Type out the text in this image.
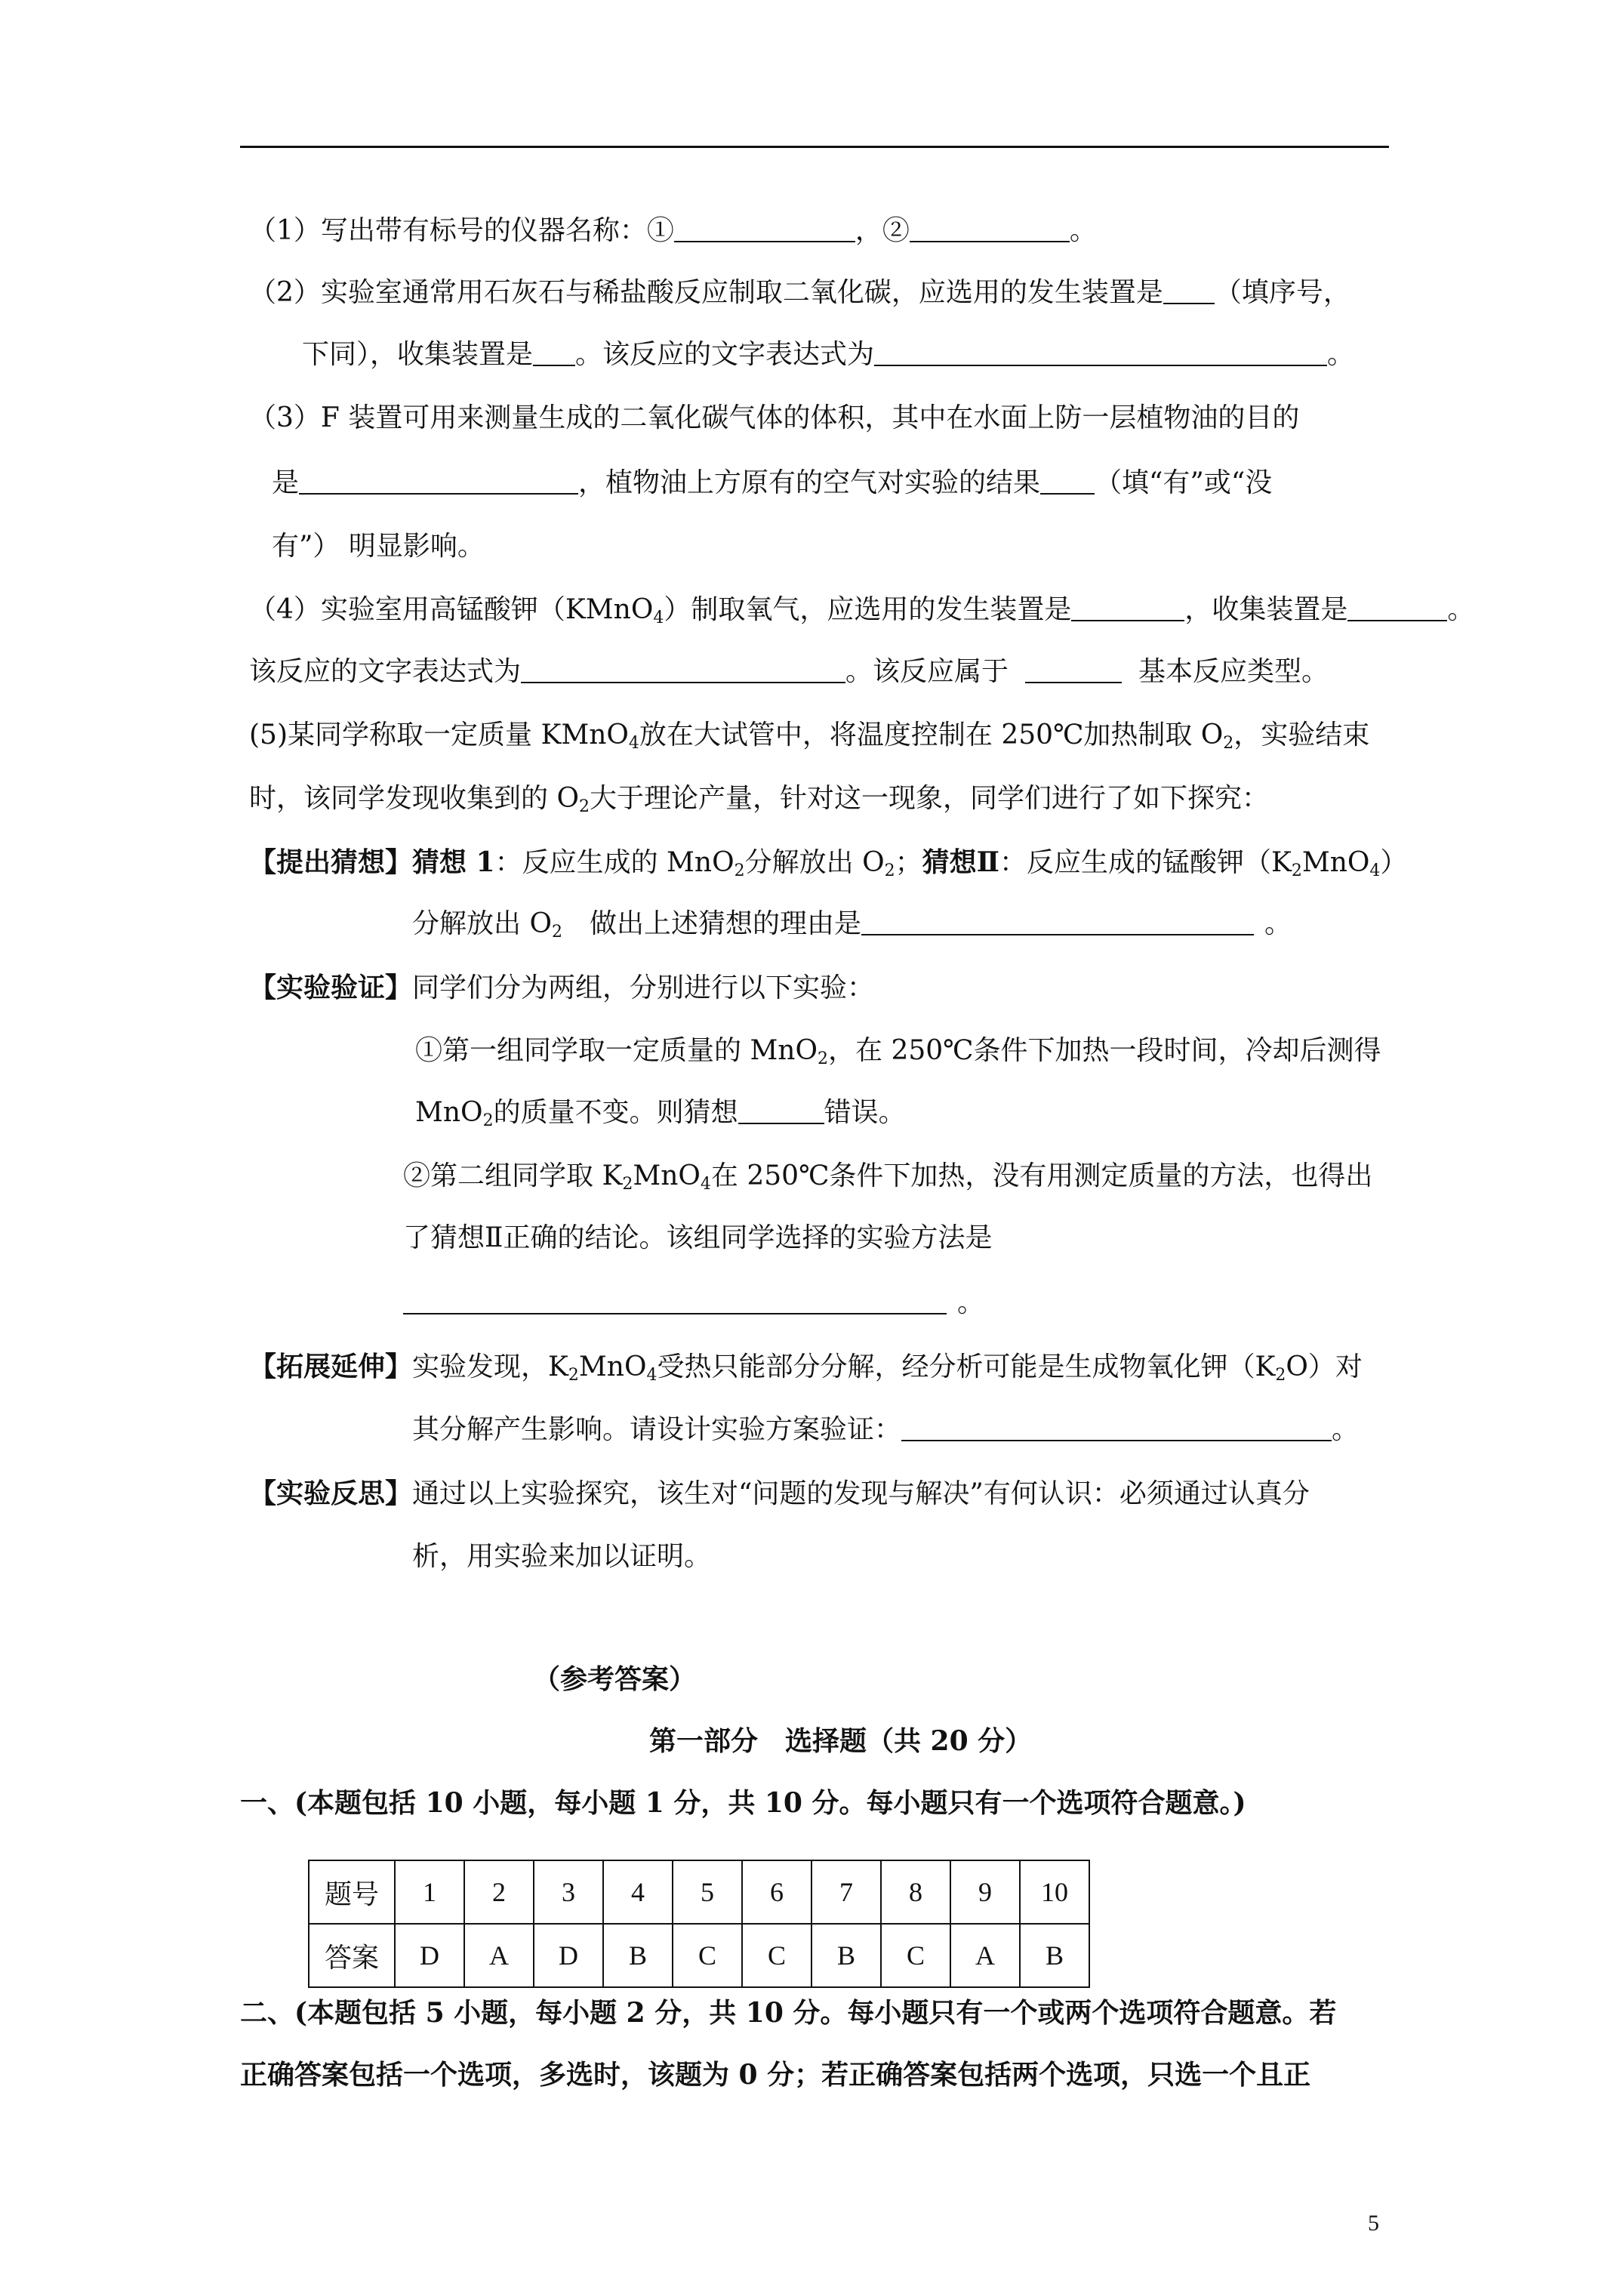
（1）写出带有标号的仪器名称：①	，②	。
（2）实验室通常用石灰石与稀盐酸反应制取二氧化碳，应选用的发生装置是 （填序号，
下同），收集装置是 。该反应的文字表达式为	。
（3）F 装置可用来测量生成的二氧化碳气体的体积，其中在水面上防一层植物油的目的
是	，植物油上方原有的空气对实验的结果 （填“有”或“没
有”） 明显影响。
（4）实验室用高锰酸钾（KMnO$_4$）制取氧气，应选用的发生装置是	，收集装置是	。
该反应的文字表达式为	。该反应属于	基本反应类型。
(5)某同学称取一定质量 KMnO$_4$放在大试管中，将温度控制在 250℃加热制取 $O_2$，实验结束
时，该同学发现收集到的 $O_2$大于理论产量，针对这一现象，同学们进行了如下探究：
【提出猜想】猜想 1：反应生成的 MnO$_2$分解放出 $O_2$；猜想Ⅱ：反应生成的锰酸钾$(K_2MnO_4)$
分解放出 $O_2$ 做出上述猜想的理由是	。
【实验验证】同学们分为两组，分别进行以下实验：
①第一组同学取一定质量的 MnO$_2$，在 250℃条件下加热一段时间，冷却后测得
MnO$_2$的质量不变。则猜想	错误。
②第二组同学取 $K_2MnO_4$在 250℃条件下加热，没有用测定质量的方法，也得出
了猜想Ⅱ正确的结论。该组同学选择的实验方法是
。
【拓展延伸】实验发现，$K_2MnO_4$受热只能部分分解，经分析可能是生成物氧化钾$(K_2O)$对
其分解产生影响。请设计实验方案验证：	。
【实验反思】通过以上实验探究，该生对“问题的发现与解决”有何认识：必须通过认真分
析，用实验来加以证明。
（参考答案）
第一部分　选择题（共 20 分）
一、(本题包括 10 小题，每小题 1 分，共 10 分。每小题只有一个选项符合题意。)
题号	1	2	3	4	5	6	7	8	9	10
答案	D	A	D	B	C	C	B	C	A	B
二、(本题包括 5 小题，每小题 2 分，共 10 分。每小题只有一个或两个选项符合题意。若
正确答案包括一个选项，多选时，该题为 0 分；若正确答案包括两个选项，只选一个且正
5
